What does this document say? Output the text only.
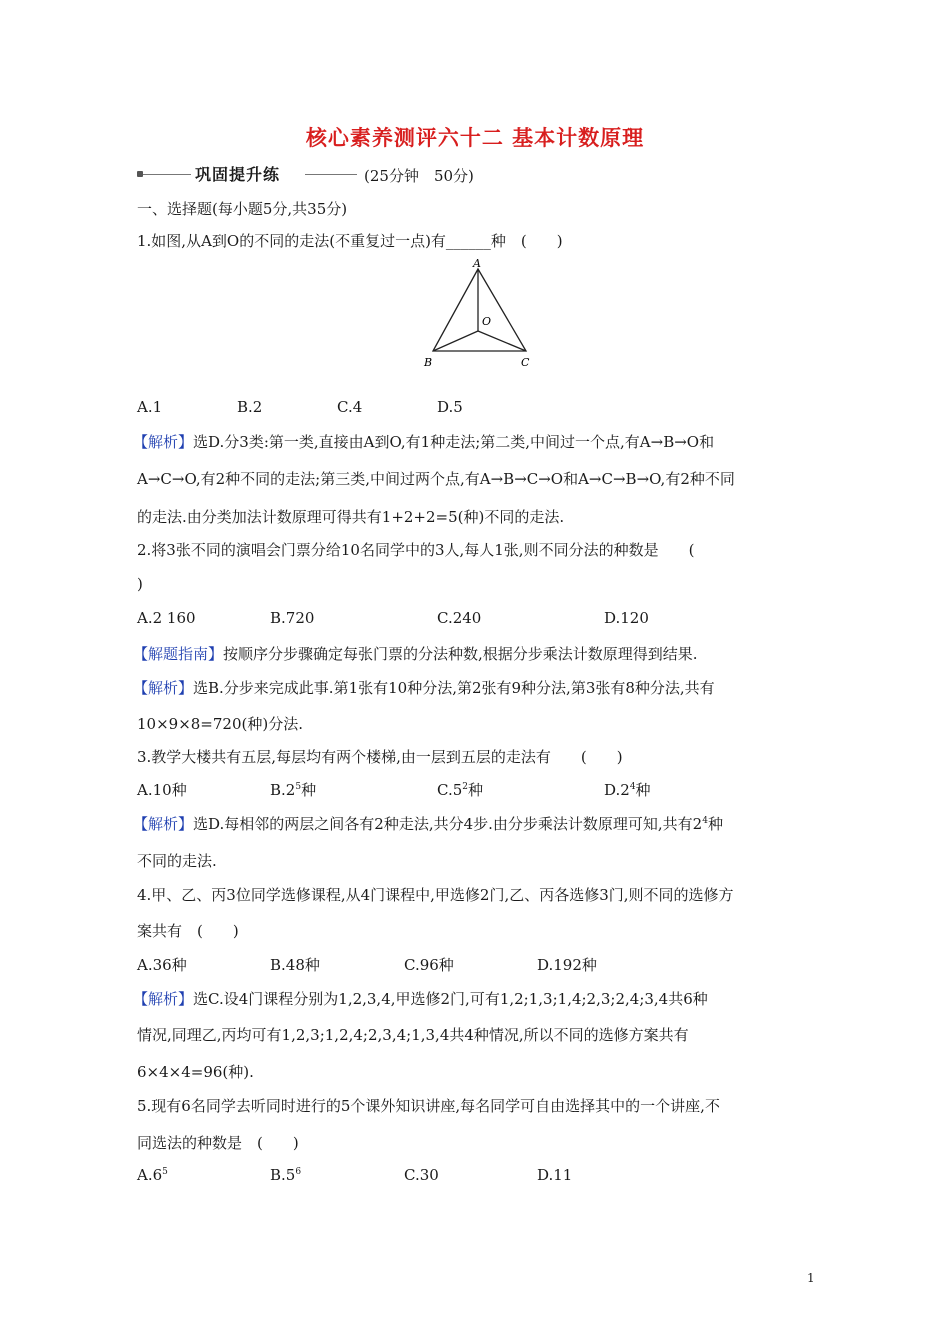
核心素养测评六十二 基本计数原理
巩固提升练	(25分钟　50分)
一、选择题(每小题5分,共35分)
1.如图,从A到O的不同的走法(不重复过一点)有______种　(　　)
A
O
B	C
A.1	B.2	C.4	D.5
【解析】选D.分3类:第一类,直接由A到O,有1种走法;第二类,中间过一个点,有A→B→O和
A→C→O,有2种不同的走法;第三类,中间过两个点,有A→B→C→O和A→C→B→O,有2种不同
的走法.由分类加法计数原理可得共有1+2+2=5(种)不同的走法.
2.将3张不同的演唱会门票分给10名同学中的3人,每人1张,则不同分法的种数是　　(
)
A.2 160	B.720	C.240	D.120
【解题指南】按顺序分步骤确定每张门票的分法种数,根据分步乘法计数原理得到结果.
【解析】选B.分步来完成此事.第1张有10种分法,第2张有9种分法,第3张有8种分法,共有
10×9×8=720(种)分法.
3.教学大楼共有五层,每层均有两个楼梯,由一层到五层的走法有　　(　　)
A.10种	$B.2^5$种	$C.5^2$种	$D.2^4$种
【解析】选D.每相邻的两层之间各有2种走法,共分4步.由分步乘法计数原理可知,共有$2^4$种
不同的走法.
4.甲、乙、丙3位同学选修课程,从4门课程中,甲选修2门,乙、丙各选修3门,则不同的选修方
案共有　(　　)
A.36种	B.48种	C.96种	D.192种
【解析】选C.设4门课程分别为1,2,3,4,甲选修2门,可有1,2;1,3;1,4;2,3;2,4;3,4共6种
情况,同理乙,丙均可有1,2,3;1,2,4;2,3,4;1,3,4共4种情况,所以不同的选修方案共有
6×4×4=96(种).
5.现有6名同学去听同时进行的5个课外知识讲座,每名同学可自由选择其中的一个讲座,不
同选法的种数是　(　　)
$A.6^5$	$B.5^6$	C.30	D.11
1
